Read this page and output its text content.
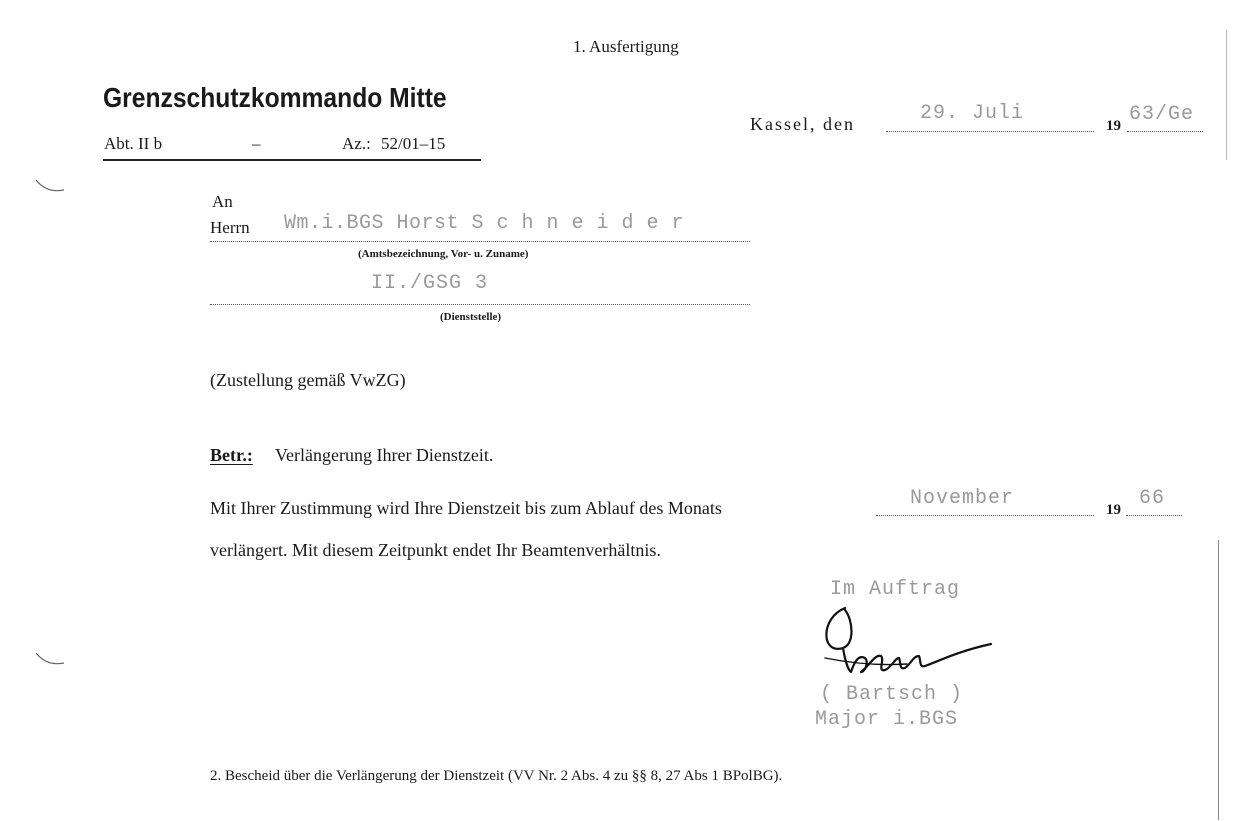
1. Ausfertigung
Grenzschutzkommando Mitte
Abt. II b	–	Az.: 52/01–15
Kassel, den	29. Juli
19 63/Ge
An
Herrn Wm.i.BGS Horst S c h n e i d e r
(Amtsbezeichnung, Vor- u. Zuname)
II./GSG 3
(Dienststelle)
(Zustellung gemäß VwZG)
Betr.: Verlängerung Ihrer Dienstzeit.
Mit Ihrer Zustimmung wird Ihre Dienstzeit bis zum Ablauf des Monats	November	19 66
verlängert. Mit diesem Zeitpunkt endet Ihr Beamtenverhältnis.
Im Auftrag
( Bartsch )
Major i.BGS
2. Bescheid über die Verlängerung der Dienstzeit (VV Nr. 2 Abs. 4 zu §§ 8, 27 Abs 1 BPolBG).
